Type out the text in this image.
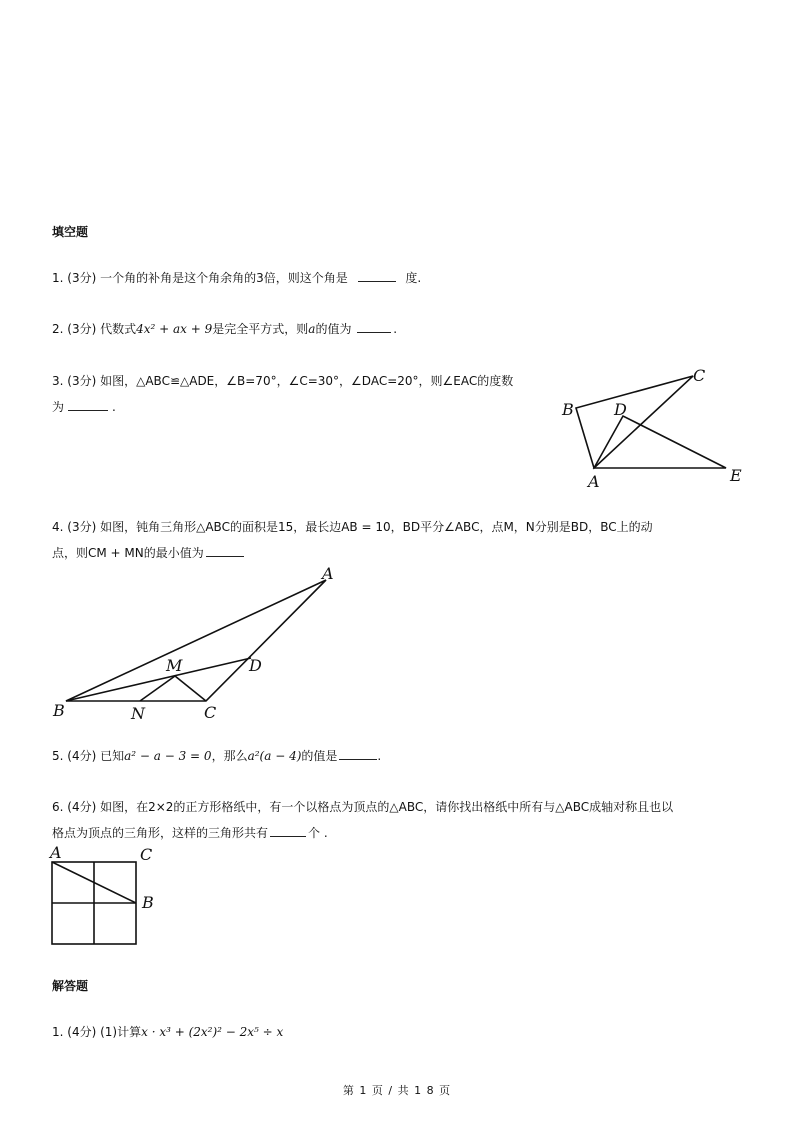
填空题
1. (3分) 一个角的补角是这个角余角的3倍，则这个角是	度.
2. (3分) 代数式4x² + ax + 9是完全平方式，则a的值为	.
3. (3分) 如图，△ABC≌△ADE，∠B=70°，∠C=30°，∠DAC=20°，则∠EAC的度数
为	.
A
B
C
D
E
4. (3分) 如图，钝角三角形△ABC的面积是15，最长边AB = 10，BD平分∠ABC，点M，N分别是BD，BC上的动
点，则CM + MN的最小值为
A
B	C
D
M
N
5. (4分) 已知a² − a − 3 = 0，那么a²(a − 4)的值是	.
6. (4分) 如图，在2×2的正方形格纸中，有一个以格点为顶点的△ABC，请你找出格纸中所有与△ABC成轴对称且也以
格点为顶点的三角形，这样的三角形共有	个 .
A
B
C
解答题
1. (4分) (1)计算x · x³ + (2x²)² − 2x⁵ ÷ x
第 1 页 / 共 1 8 页
